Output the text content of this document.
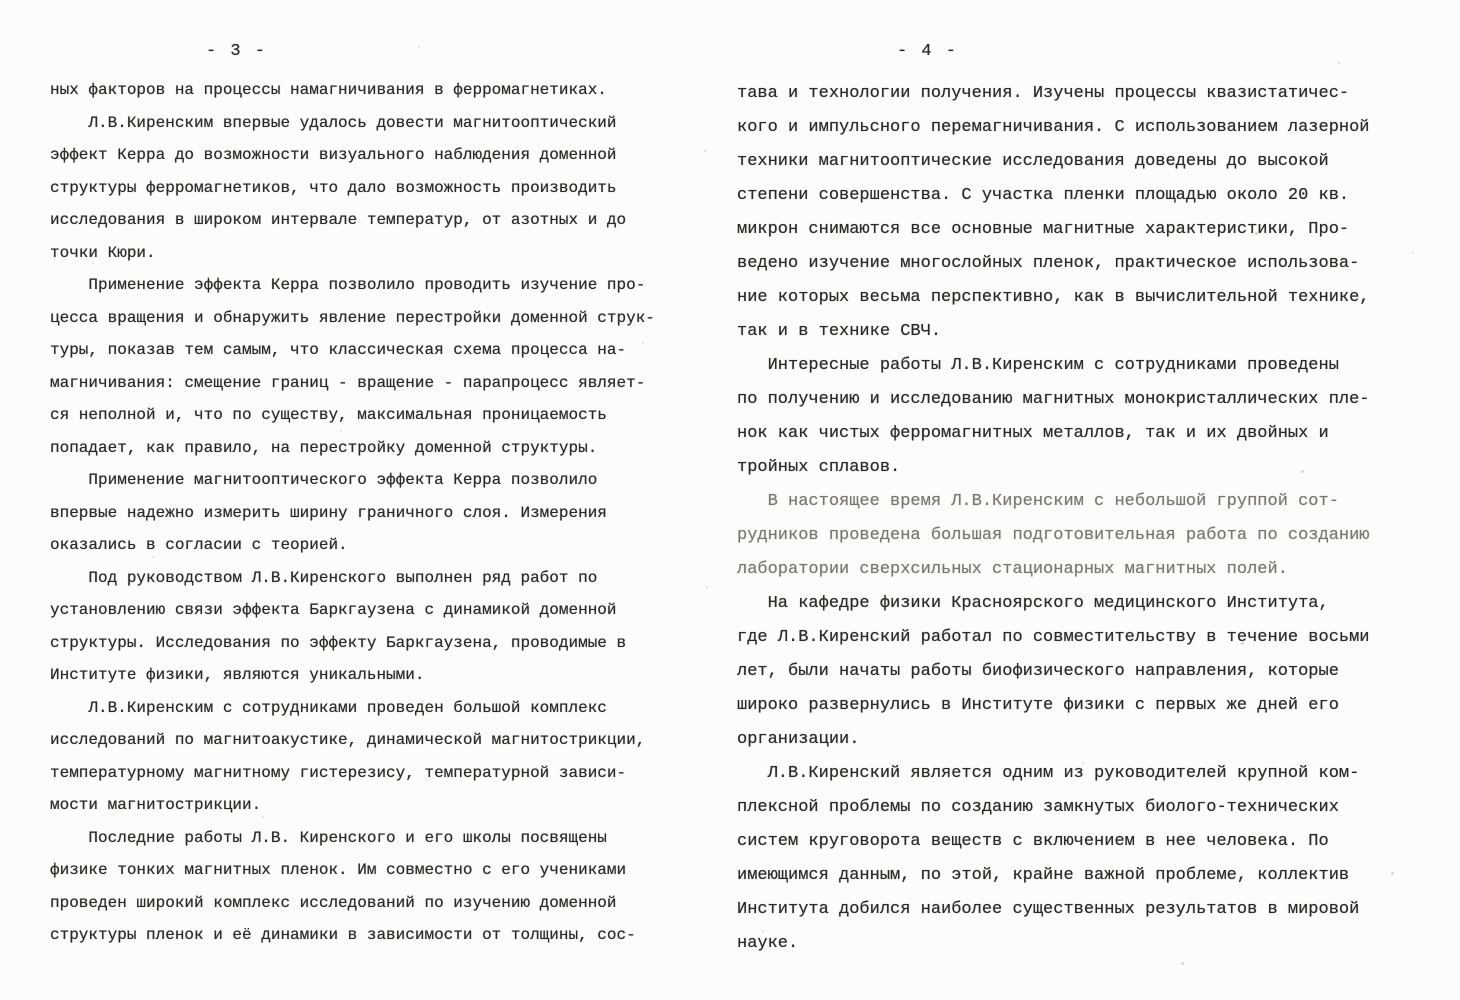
- 3 -
ных факторов на процессы намагничивания в ферромагнетиках.
Л.В.Киренским впервые удалось довести магнитооптический
эффект Керра до возможности визуального наблюдения доменной
структуры ферромагнетиков, что дало возможность производить
исследования в широком интервале температур, от азотных и до
точки Кюри.
Применение эффекта Керра позволило проводить изучение про-
цесса вращения и обнаружить явление перестройки доменной струк-
туры, показав тем самым, что классическая схема процесса на-
магничивания: смещение границ - вращение - парапроцесс являет-
ся неполной и, что по существу, максимальная проницаемость
попадает, как правило, на перестройку доменной структуры.
Применение магнитооптического эффекта Керра позволило
впервые надежно измерить ширину граничного слоя. Измерения
оказались в согласии с теорией.
Под руководством Л.В.Киренского выполнен ряд работ по
установлению связи эффекта Баркгаузена с динамикой доменной
структуры. Исследования по эффекту Баркгаузена, проводимые в
Институте физики, являются уникальными.
Л.В.Киренским с сотрудниками проведен большой комплекс
исследований по магнитоакустике, динамической магнитострикции,
температурному магнитному гистерезису, температурной зависи-
мости магнитострикции.
Последние работы Л.В. Киренского и его школы посвящены
физике тонких магнитных пленок. Им совместно с его учениками
проведен широкий комплекс исследований по изучению доменной
структуры пленок и её динамики в зависимости от толщины, сос-
- 4 -
тава и технологии получения. Изучены процессы квазистатичес-
кого и импульсного перемагничивания. С использованием лазерной
техники магнитооптические исследования доведены до высокой
степени совершенства. С участка пленки площадью около 20 кв.
микрон снимаются все основные магнитные характеристики, Про-
ведено изучение многослойных пленок, практическое использова-
ние которых весьма перспективно, как в вычислительной технике,
так и в технике СВЧ.
Интересные работы Л.В.Киренским с сотрудниками проведены
по получению и исследованию магнитных монокристаллических пле-
нок как чистых ферромагнитных металлов, так и их двойных и
тройных сплавов.
В настоящее время Л.В.Киренским с небольшой группой сот-
рудников проведена большая подготовительная работа по созданию
лаборатории сверхсильных стационарных магнитных полей.
На кафедре физики Красноярского медицинского Института,
где Л.В.Киренский работал по совместительству в течение восьми
лет, были начаты работы биофизического направления, которые
широко развернулись в Институте физики с первых же дней его
организации.
Л.В.Киренский является одним из руководителей крупной ком-
плексной проблемы по созданию замкнутых биолого-технических
систем круговорота веществ с включением в нее человека. По
имеющимся данным, по этой, крайне важной проблеме, коллектив
Института добился наиболее существенных результатов в мировой
науке.
